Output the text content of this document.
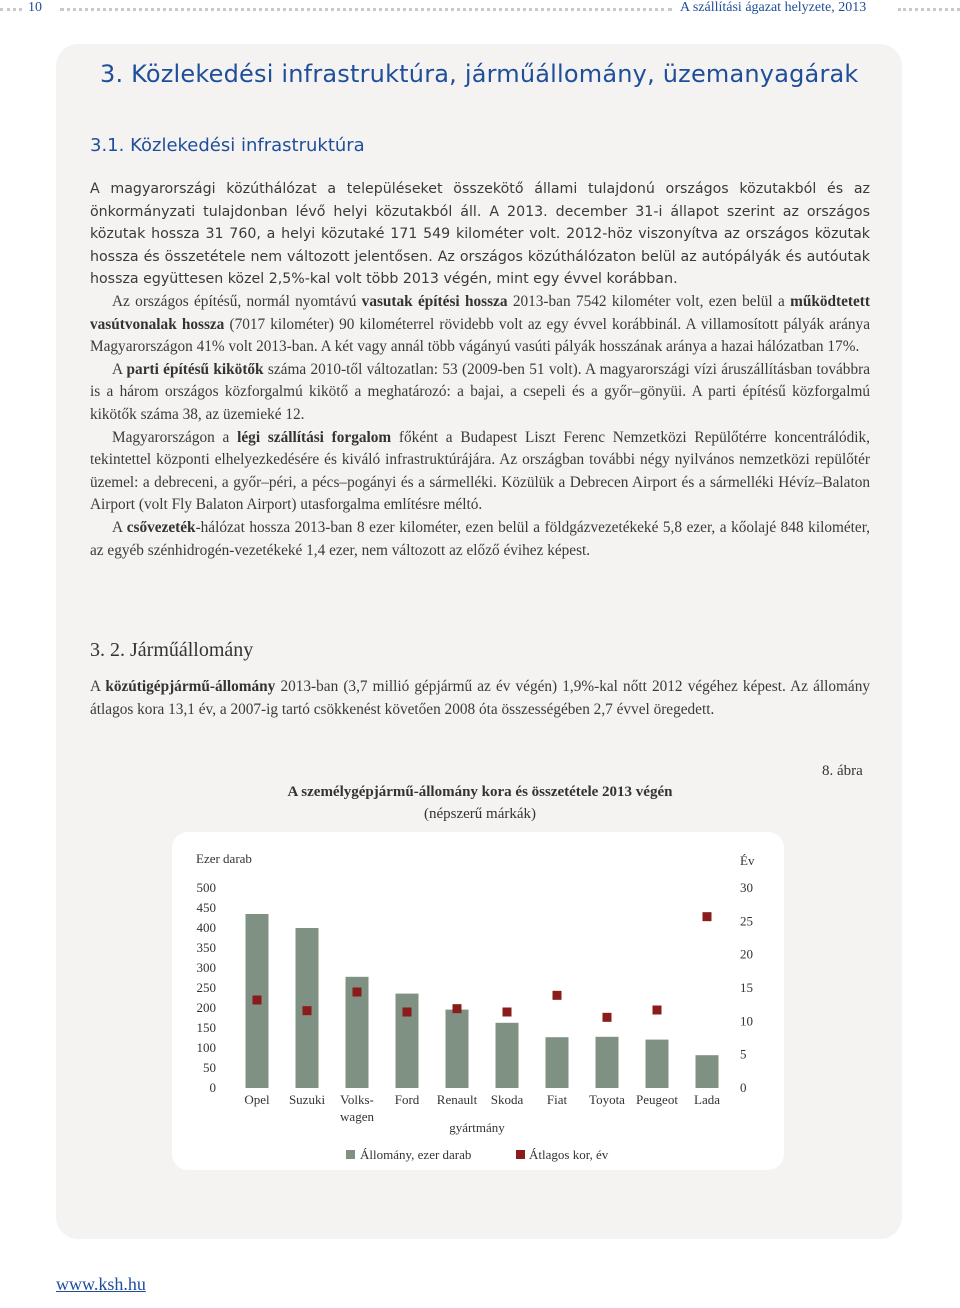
10	A szállítási ágazat helyzete, 2013
3. Közlekedési infrastruktúra, járműállomány, üzemanyagárak
3.1. Közlekedési infrastruktúra

A magyarországi közúthálózat a településeket összekötő állami tulajdonú országos közutakból és az önkormányzati tulajdonban lévő helyi közutakból áll. A 2013. december 31-i állapot szerint az országos közutak hossza 31 760, a helyi közutaké 171 549 kilométer volt. 2012-höz viszonyítva az országos közutak hossza és összetétele nem változott jelentősen. Az országos közúthálózaton belül az autópályák és autóutak hossza együttesen közel 2,5%-kal volt több 2013 végén, mint egy évvel korábban.

Az országos építésű, normál nyomtávú vasutak építési hossza 2013-ban 7542 kilométer volt, ezen belül a működtetett vasútvonalak hossza (7017 kilométer) 90 kilométerrel rövidebb volt az egy évvel korábbinál. A villamosított pályák aránya Magyarországon 41% volt 2013-ban. A két vagy annál több vágányú vasúti pályák hosszának aránya a hazai hálózatban 17%.

A parti építésű kikötők száma 2010-től változatlan: 53 (2009-ben 51 volt). A magyarországi vízi áruszállításban továbbra is a három országos közforgalmú kikötő a meghatározó: a bajai, a csepeli és a győr–gönyüi. A parti építésű közforgalmú kikötők száma 38, az üzemieké 12.

Magyarországon a légi szállítási forgalom főként a Budapest Liszt Ferenc Nemzetközi Repülőtérre koncentrálódik, tekintettel központi elhelyezkedésére és kiváló infrastruktúrájára. Az országban további négy nyilvános nemzetközi repülőtér üzemel: a debreceni, a győr–péri, a pécs–pogányi és a sármelléki. Közülük a Debrecen Airport és a sármelléki Hévíz–Balaton Airport (volt Fly Balaton Airport) utasforgalma említésre méltó.

A csővezeték-hálózat hossza 2013-ban 8 ezer kilométer, ezen belül a földgázvezetékeké 5,8 ezer, a kőolajé 848 kilométer, az egyéb szénhidrogén-vezetékeké 1,4 ezer, nem változott az előző évihez képest.

3. 2. Járműállomány

A közútigépjármű-állomány 2013-ban (3,7 millió gépjármű az év végén) 1,9%-kal nőtt 2012 végéhez képest. Az állomány átlagos kora 13,1 év, a 2007-ig tartó csökkenést követően 2008 óta összességében 2,7 évvel öregedett.

8. ábra
A személygépjármű-állomány kora és összetétele 2013 végén
(népszerű márkák)
Ezer darab	Év
0
50
100
150
200
250
300
350
400
450
500
0
5
10
15
20
25
30
Opel Suzuki Volks-
wagen
Ford Renault Skoda Fiat Toyota Peugeot Lada
gyártmány
Állomány, ezer darab	Átlagos kor, év
www.ksh.hu
